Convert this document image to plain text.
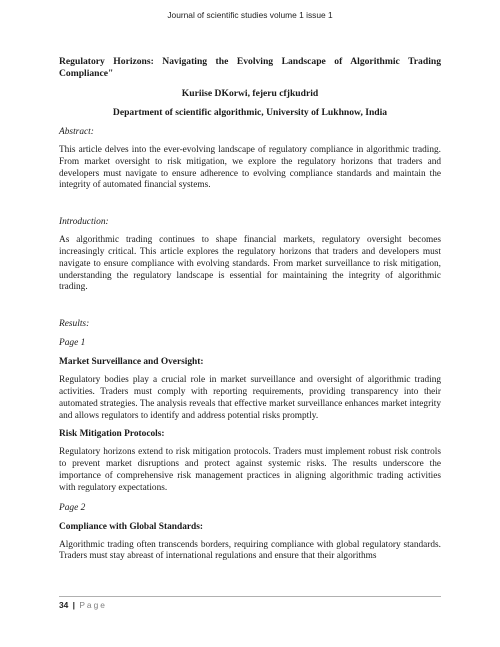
Journal of scientific studies volume 1 issue 1

Regulatory Horizons: Navigating the Evolving Landscape of Algorithmic Trading Compliance"

Kuriise DKorwi, fejeru cfjkudrid
Department of scientific algorithmic, University of Lukhnow, India

Abstract:

This article delves into the ever-evolving landscape of regulatory compliance in algorithmic trading. From market oversight to risk mitigation, we explore the regulatory horizons that traders and developers must navigate to ensure adherence to evolving compliance standards and maintain the integrity of automated financial systems.

Introduction:

As algorithmic trading continues to shape financial markets, regulatory oversight becomes increasingly critical. This article explores the regulatory horizons that traders and developers must navigate to ensure compliance with evolving standards. From market surveillance to risk mitigation, understanding the regulatory landscape is essential for maintaining the integrity of algorithmic trading.

Results:

Page 1

Market Surveillance and Oversight:

Regulatory bodies play a crucial role in market surveillance and oversight of algorithmic trading activities. Traders must comply with reporting requirements, providing transparency into their automated strategies. The analysis reveals that effective market surveillance enhances market integrity and allows regulators to identify and address potential risks promptly.

Risk Mitigation Protocols:

Regulatory horizons extend to risk mitigation protocols. Traders must implement robust risk controls to prevent market disruptions and protect against systemic risks. The results underscore the importance of comprehensive risk management practices in aligning algorithmic trading activities with regulatory expectations.

Page 2

Compliance with Global Standards:

Algorithmic trading often transcends borders, requiring compliance with global regulatory standards. Traders must stay abreast of international regulations and ensure that their algorithms

34 | Page
